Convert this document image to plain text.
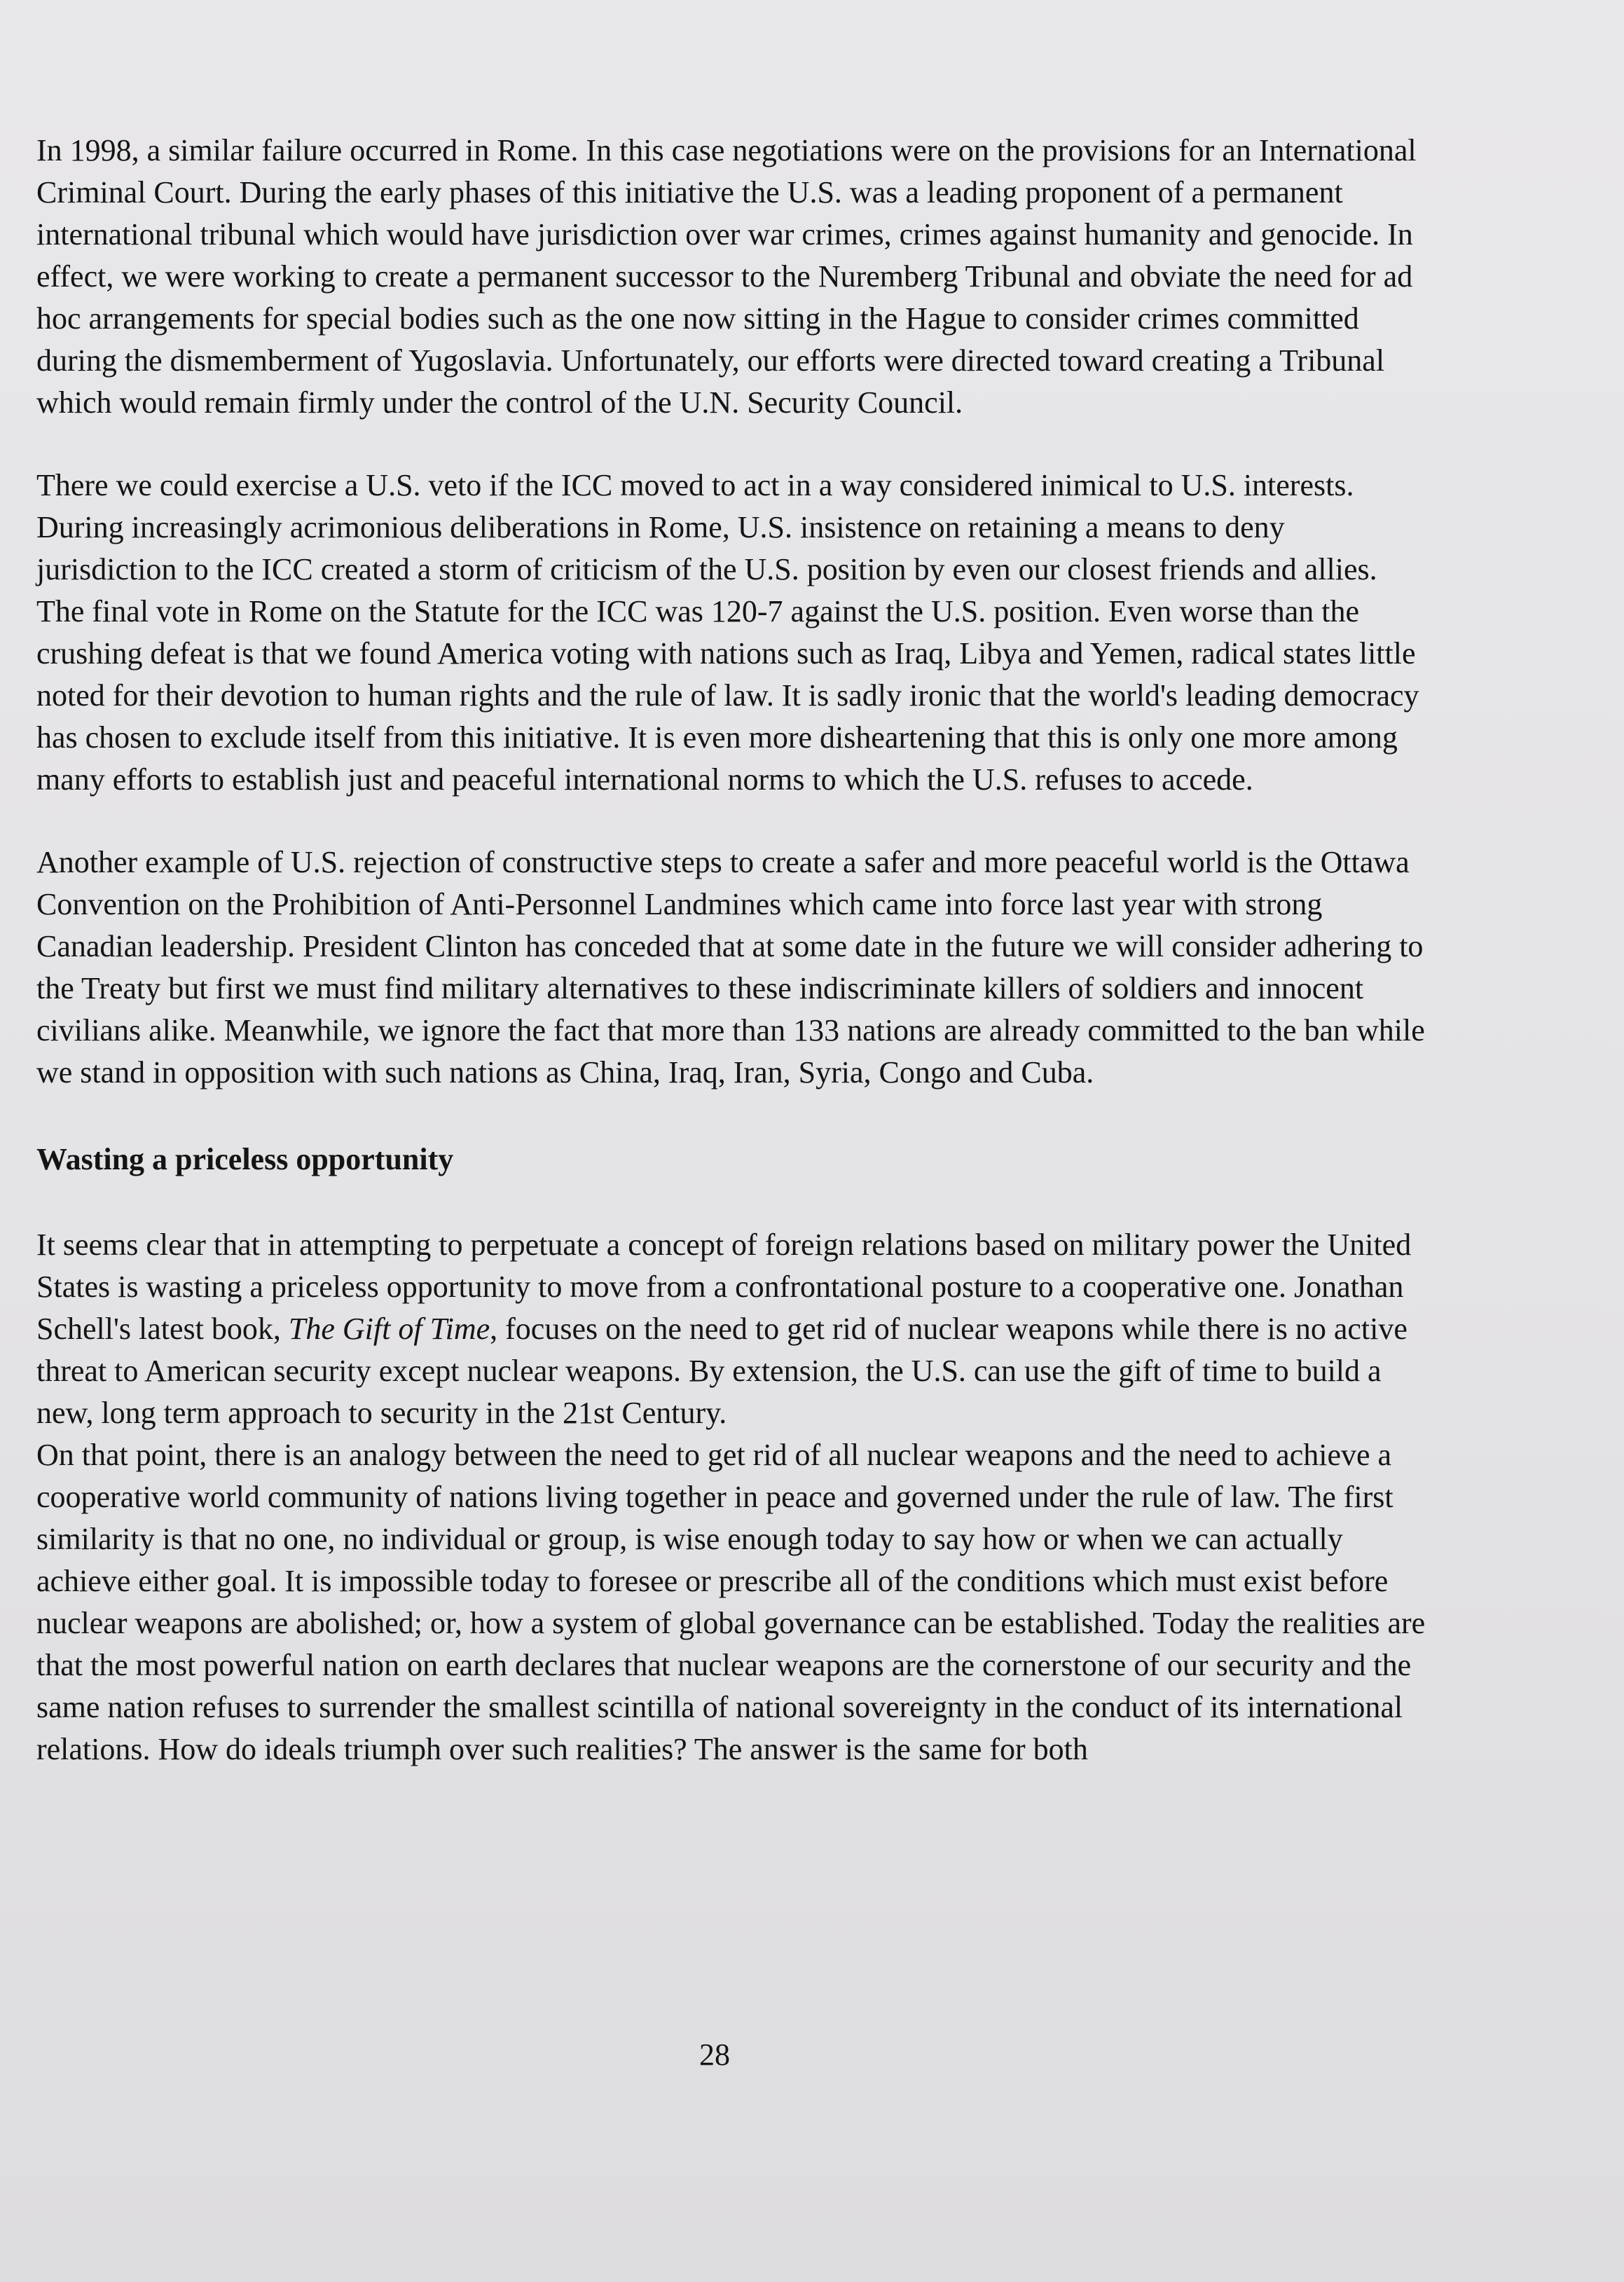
In 1998, a similar failure occurred in Rome. In this case negotiations were on the provisions for an International Criminal Court. During the early phases of this initiative the U.S. was a leading proponent of a permanent international tribunal which would have jurisdiction over war crimes, crimes against humanity and genocide. In effect, we were working to create a permanent successor to the Nuremberg Tribunal and obviate the need for ad hoc arrangements for special bodies such as the one now sitting in the Hague to consider crimes committed during the dismemberment of Yugoslavia. Unfortunately, our efforts were directed toward creating a Tribunal which would remain firmly under the control of the U.N. Security Council.

There we could exercise a U.S. veto if the ICC moved to act in a way considered inimical to U.S. interests. During increasingly acrimonious deliberations in Rome, U.S. insistence on retaining a means to deny jurisdiction to the ICC created a storm of criticism of the U.S. position by even our closest friends and allies. The final vote in Rome on the Statute for the ICC was 120-7 against the U.S. position. Even worse than the crushing defeat is that we found America voting with nations such as Iraq, Libya and Yemen, radical states little noted for their devotion to human rights and the rule of law. It is sadly ironic that the world's leading democracy has chosen to exclude itself from this initiative. It is even more disheartening that this is only one more among many efforts to establish just and peaceful international norms to which the U.S. refuses to accede.

Another example of U.S. rejection of constructive steps to create a safer and more peaceful world is the Ottawa Convention on the Prohibition of Anti-Personnel Landmines which came into force last year with strong Canadian leadership. President Clinton has conceded that at some date in the future we will consider adhering to the Treaty but first we must find military alternatives to these indiscriminate killers of soldiers and innocent civilians alike. Meanwhile, we ignore the fact that more than 133 nations are already committed to the ban while we stand in opposition with such nations as China, Iraq, Iran, Syria, Congo and Cuba.

Wasting a priceless opportunity

It seems clear that in attempting to perpetuate a concept of foreign relations based on military power the United States is wasting a priceless opportunity to move from a confrontational posture to a cooperative one. Jonathan Schell's latest book, The Gift of Time, focuses on the need to get rid of nuclear weapons while there is no active threat to American security except nuclear weapons. By extension, the U.S. can use the gift of time to build a new, long term approach to security in the 21st Century.

On that point, there is an analogy between the need to get rid of all nuclear weapons and the need to achieve a cooperative world community of nations living together in peace and governed under the rule of law. The first similarity is that no one, no individual or group, is wise enough today to say how or when we can actually achieve either goal. It is impossible today to foresee or prescribe all of the conditions which must exist before nuclear weapons are abolished; or, how a system of global governance can be established. Today the realities are that the most powerful nation on earth declares that nuclear weapons are the cornerstone of our security and the same nation refuses to surrender the smallest scintilla of national sovereignty in the conduct of its international relations. How do ideals triumph over such realities? The answer is the same for both

28
